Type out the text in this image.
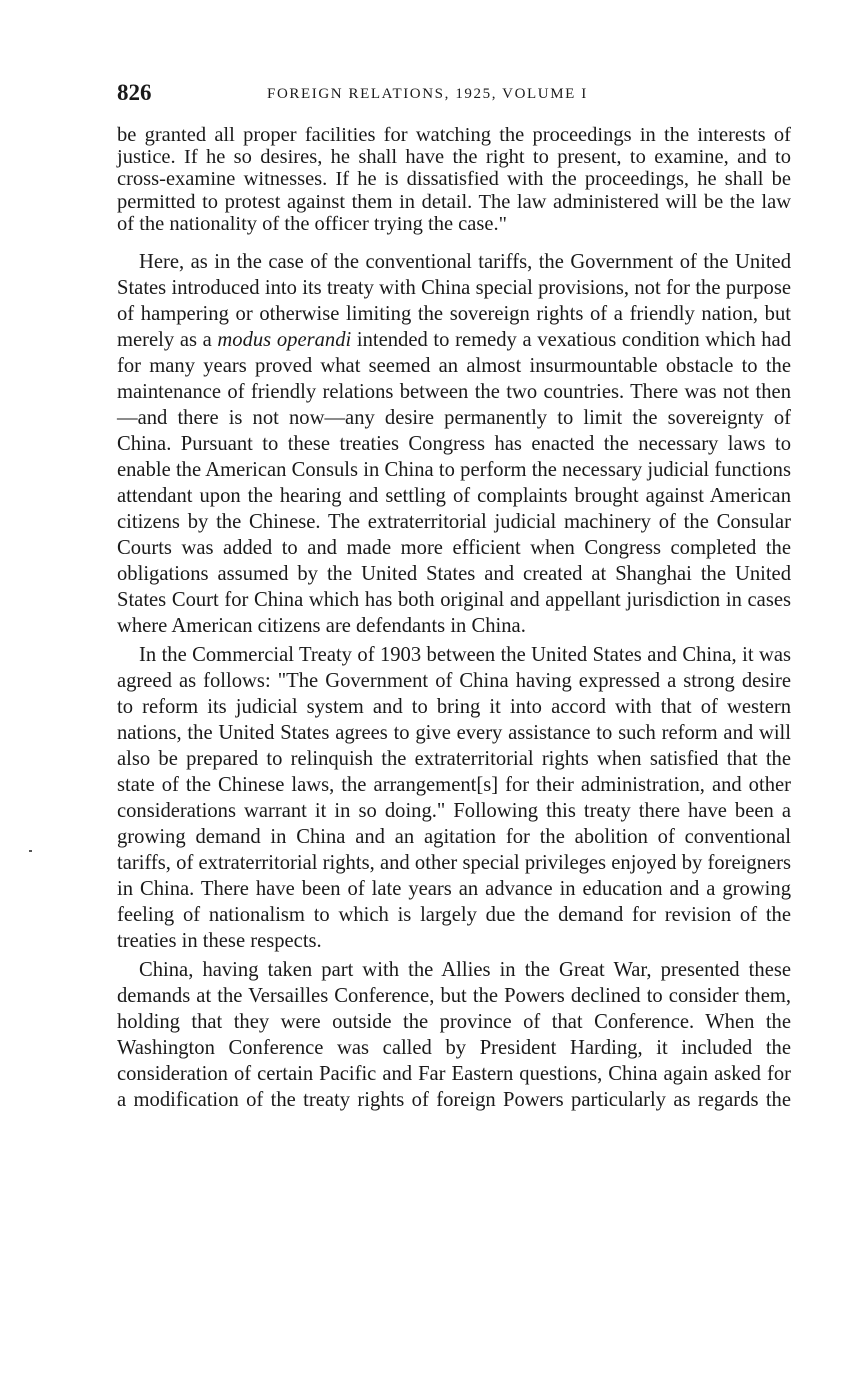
826	FOREIGN RELATIONS, 1925, VOLUME I
be granted all proper facilities for watching the proceedings in the interests of justice. If he so desires, he shall have the right to present, to examine, and to cross-examine witnesses. If he is dissatisfied with the proceedings, he shall be permitted to protest against them in detail. The law administered will be the law of the nationality of the officer trying the case."

Here, as in the case of the conventional tariffs, the Government of the United States introduced into its treaty with China special provisions, not for the purpose of hampering or otherwise limiting the sovereign rights of a friendly nation, but merely as a modus operandi intended to remedy a vexatious condition which had for many years proved what seemed an almost insurmountable obstacle to the maintenance of friendly relations between the two countries. There was not then—and there is not now—any desire permanently to limit the sovereignty of China. Pursuant to these treaties Congress has enacted the necessary laws to enable the American Consuls in China to perform the necessary judicial functions attendant upon the hearing and settling of complaints brought against American citizens by the Chinese. The extraterritorial judicial machinery of the Consular Courts was added to and made more efficient when Congress completed the obligations assumed by the United States and created at Shanghai the United States Court for China which has both original and appellant jurisdiction in cases where American citizens are defendants in China.

In the Commercial Treaty of 1903 between the United States and China, it was agreed as follows: "The Government of China having expressed a strong desire to reform its judicial system and to bring it into accord with that of western nations, the United States agrees to give every assistance to such reform and will also be prepared to relinquish the extraterritorial rights when satisfied that the state of the Chinese laws, the arrangement[s] for their administration, and other considerations warrant it in so doing." Following this treaty there have been a growing demand in China and an agitation for the abolition of conventional tariffs, of extraterritorial rights, and other special privileges enjoyed by foreigners in China. There have been of late years an advance in education and a growing feeling of nationalism to which is largely due the demand for revision of the treaties in these respects.

China, having taken part with the Allies in the Great War, presented these demands at the Versailles Conference, but the Powers declined to consider them, holding that they were outside the province of that Conference. When the Washington Conference was called by President Harding, it included the consideration of certain Pacific and Far Eastern questions, China again asked for a modification of the treaty rights of foreign Powers particularly as regards the
